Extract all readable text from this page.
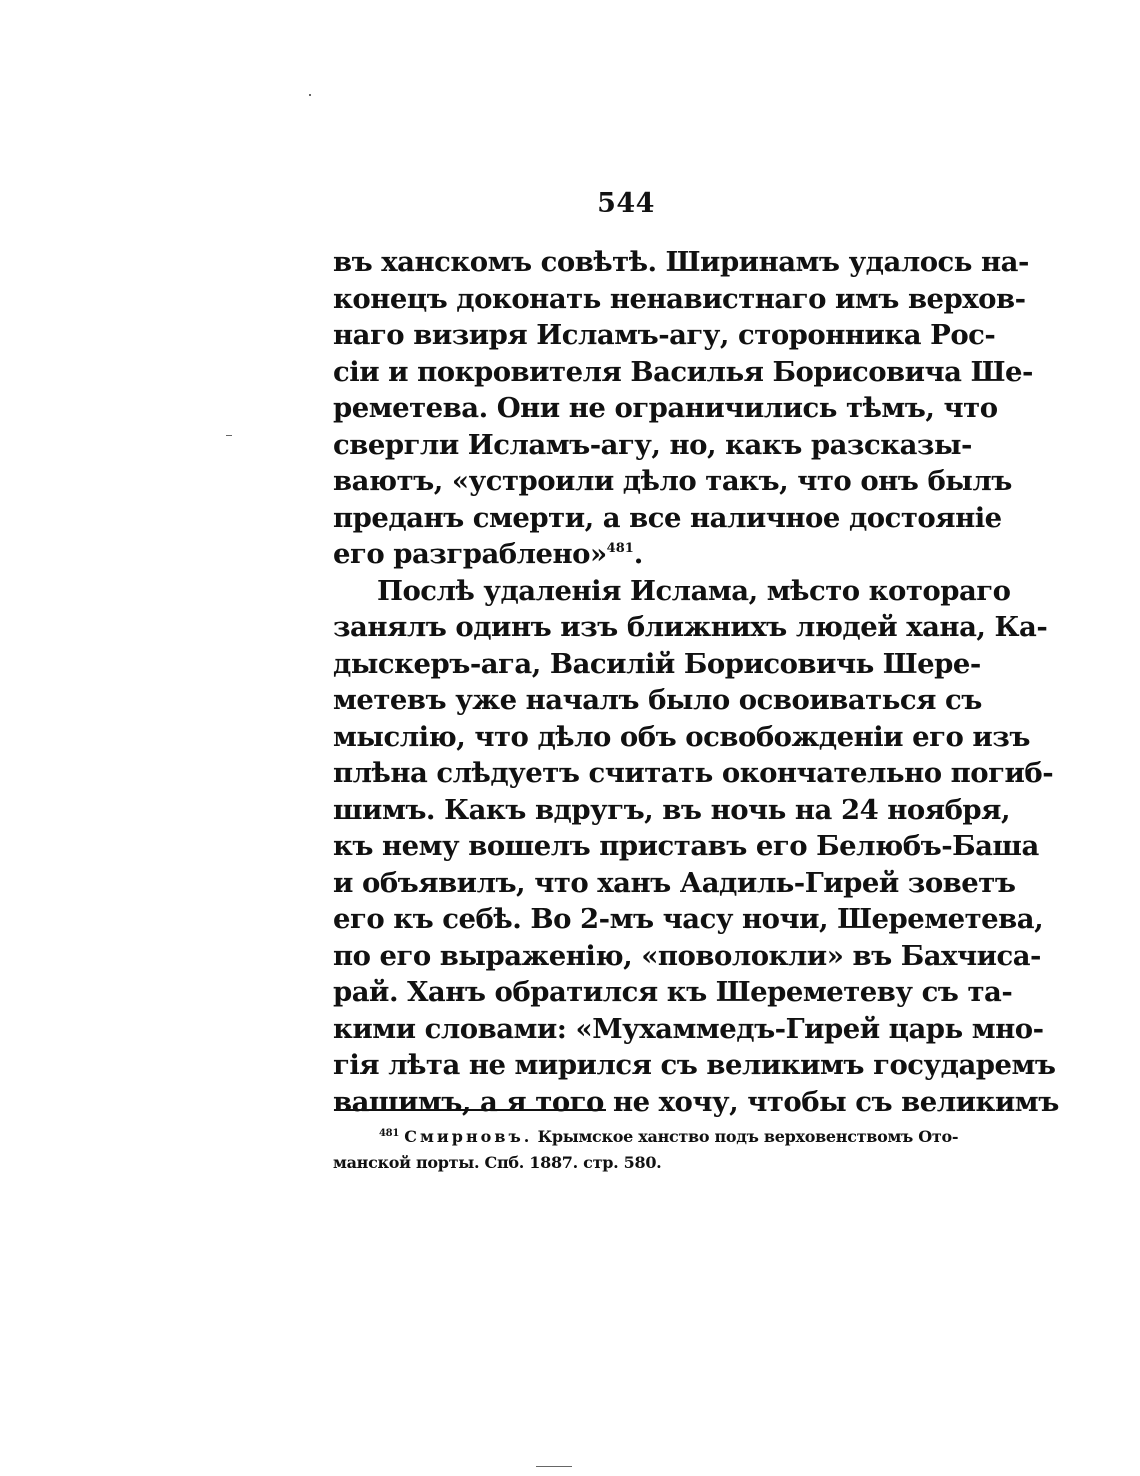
544
въ ханскомъ совѣтѣ. Ширинамъ удалось на-
конецъ доконать ненавистнаго имъ верхов-
наго визиря Исламъ-агу, сторонника Рос-
сіи и покровителя Василья Борисовича Ше-
реметева. Они не ограничились тѣмъ, что
свергли Исламъ-агу, но, какъ разсказы-
ваютъ, «устроили дѣло такъ, что онъ былъ
преданъ смерти, а все наличное достояніе
его разграблено»$^{481}$.
Послѣ удаленія Ислама, мѣсто котораго
занялъ одинъ изъ ближнихъ людей хана, Ка-
дыскеръ-ага, Василій Борисовичь Шере-
метевъ уже началъ было освоиваться съ
мыслію, что дѣло объ освобожденіи его изъ
плѣна слѣдуетъ считать окончательно погиб-
шимъ. Какъ вдругъ, въ ночь на 24 ноября,
къ нему вошелъ приставъ его Белюбъ-Баша
и объявилъ, что ханъ Аадиль-Гирей зоветъ
его къ себѣ. Во 2-мъ часу ночи, Шереметева,
по его выраженію, «поволокли» въ Бахчиса-
рай. Ханъ обратился къ Шереметеву съ та-
кими словами: «Мухаммедъ-Гирей царь мно-
гія лѣта не мирился съ великимъ государемъ
вашимъ, а я того не хочу, чтобы съ великимъ
$^{481}$ Смирновъ. Крымское ханство подъ верховенствомъ Ото-
манской порты. Спб. 1887. стр. 580.
